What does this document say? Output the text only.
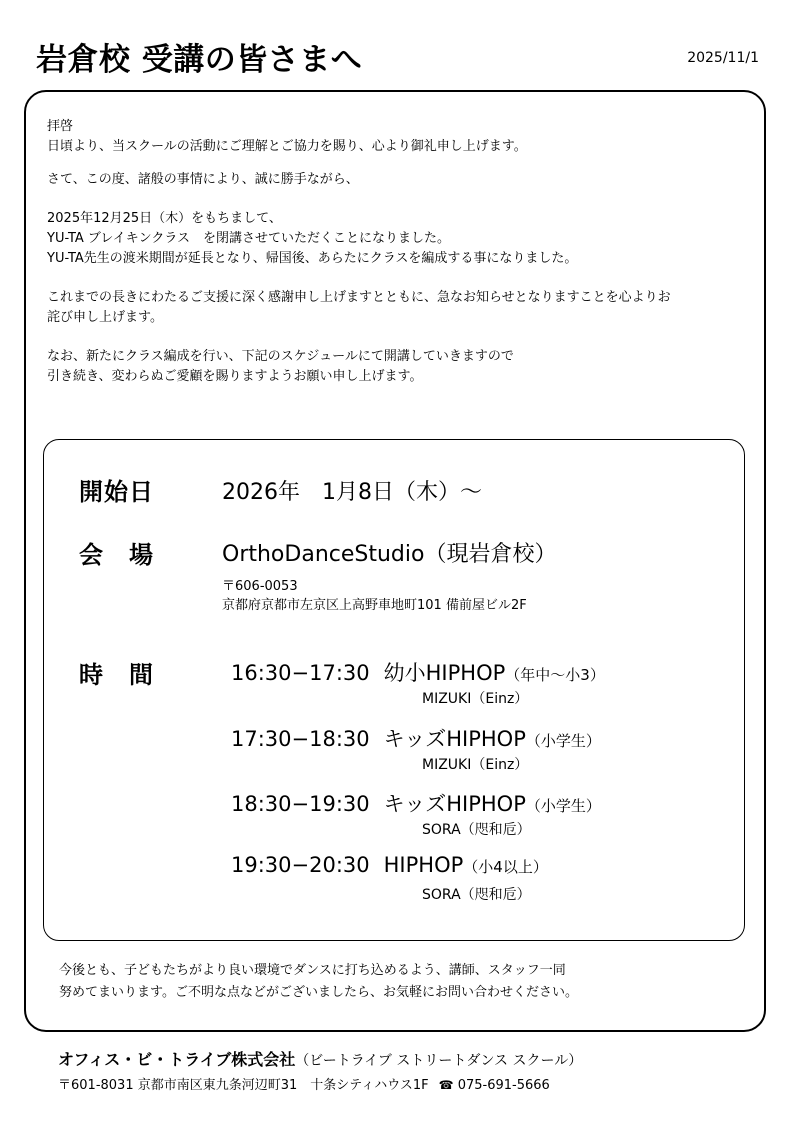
岩倉校 受講の皆さまへ	2025/11/1

拝啓

日頃より、当スクールの活動にご理解とご協力を賜り、心より御礼申し上げます。

さて、この度、諸般の事情により、誠に勝手ながら、

2025年12月25日（木）をもちまして、

YU-TA ブレイキンクラス　を閉講させていただくことになりました。

YU-TA先生の渡米期間が延長となり、帰国後、あらたにクラスを編成する事になりました。

これまでの長きにわたるご支援に深く感謝申し上げますとともに、急なお知らせとなりますことを心よりお

詫び申し上げます。

なお、新たにクラス編成を行い、下記のスケジュールにて開講していきますので

引き続き、変わらぬご愛顧を賜りますようお願い申し上げます。

開始日	2026年　1月8日（木）～
会　場	OrthoDanceStudio（現岩倉校）
〒606-0053
京都府京都市左京区上高野車地町101 備前屋ビル2F
時　間	16:30−17:30 幼小HIPHOP（年中～小3）
MIZUKI（Einz）
17:30−18:30 キッズHIPHOP（小学生）
MIZUKI（Einz）
18:30−19:30 キッズHIPHOP（小学生）
SORA（咫和卮）
19:30−20:30 HIPHOP（小4以上）
SORA（咫和卮）

今後とも、子どもたちがより良い環境でダンスに打ち込めるよう、講師、スタッフ一同

努めてまいります。ご不明な点などがございましたら、お気軽にお問い合わせください。

オフィス・ビ・トライブ株式会社（ビートライブ ストリートダンス スクール）
〒601-8031 京都市南区東九条河辺町31　十条シティハウス1F ☎ 075-691-5666
